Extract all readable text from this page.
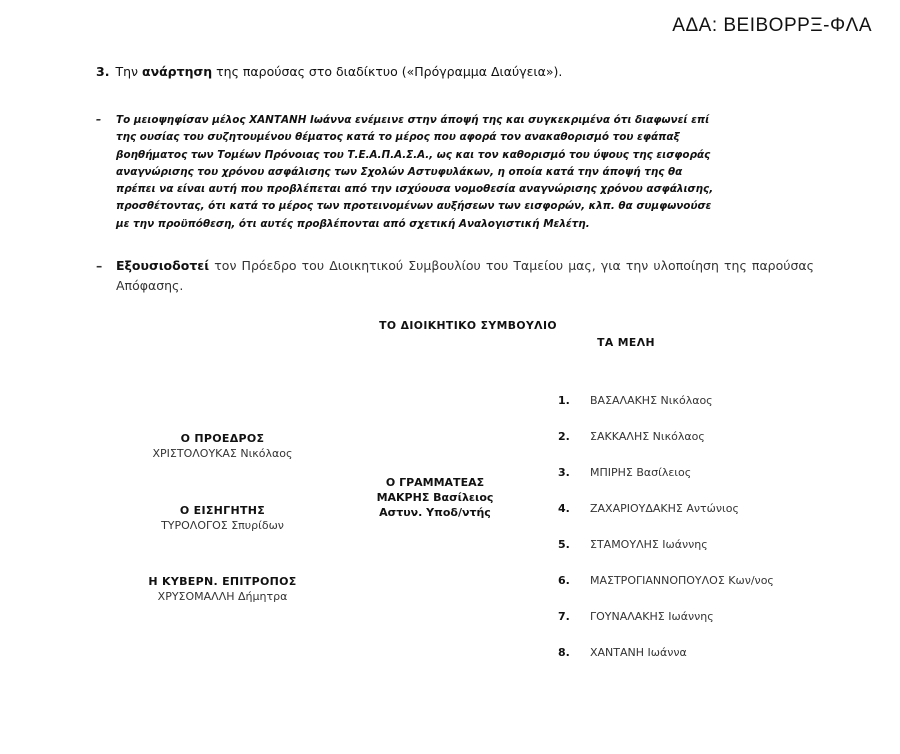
ΑΔΑ: ΒΕΙΒΟΡΡΞ-ΦΛΑ
3. Την ανάρτηση της παρούσας στο διαδίκτυο («Πρόγραμμα Διαύγεια»).
– Το μειοψηφίσαν μέλος ΧΑΝΤΑΝΗ Ιωάννα ενέμεινε στην άποψή της και συγκεκριμένα ότι διαφωνεί επί
της ουσίας του συζητουμένου θέματος κατά το μέρος που αφορά τον ανακαθορισμό του εφάπαξ
βοηθήματος των Τομέων Πρόνοιας του Τ.Ε.Α.Π.Α.Σ.Α., ως και τον καθορισμό του ύψους της εισφοράς
αναγνώρισης του χρόνου ασφάλισης των Σχολών Αστυφυλάκων, η οποία κατά την άποψή της θα
πρέπει να είναι αυτή που προβλέπεται από την ισχύουσα νομοθεσία αναγνώρισης χρόνου ασφάλισης,
προσθέτοντας, ότι κατά το μέρος των προτεινομένων αυξήσεων των εισφορών, κλπ. θα συμφωνούσε
με την προϋπόθεση, ότι αυτές προβλέπονται από σχετική Αναλογιστική Μελέτη.
– Εξουσιοδοτεί τον Πρόεδρο του Διοικητικού Συμβουλίου του Ταμείου μας, για την υλοποίηση της παρούσας Απόφασης.
ΤΟ ΔΙΟΙΚΗΤΙΚΟ ΣΥΜΒΟΥΛΙΟ
ΤΑ ΜΕΛΗ
Ο ΠΡΟΕΔΡΟΣ
ΧΡΙΣΤΟΛΟΥΚΑΣ Νικόλαος
Ο ΕΙΣΗΓΗΤΗΣ
ΤΥΡΟΛΟΓΟΣ Σπυρίδων
Η ΚΥΒΕΡΝ. ΕΠΙΤΡΟΠΟΣ
ΧΡΥΣΟΜΑΛΛΗ Δήμητρα
Ο ΓΡΑΜΜΑΤΕΑΣ
ΜΑΚΡΗΣ Βασίλειος
Αστυν. Υποδ/ντής
1. ΒΑΣΑΛΑΚΗΣ Νικόλαος
2. ΣΑΚΚΑΛΗΣ Νικόλαος
3. ΜΠΙΡΗΣ Βασίλειος
4. ΖΑΧΑΡΙΟΥΔΑΚΗΣ Αντώνιος
5. ΣΤΑΜΟΥΛΗΣ Ιωάννης
6. ΜΑΣΤΡΟΓΙΑΝΝΟΠΟΥΛΟΣ Κων/νος
7. ΓΟΥΝΑΛΑΚΗΣ Ιωάννης
8. ΧΑΝΤΑΝΗ Ιωάννα
